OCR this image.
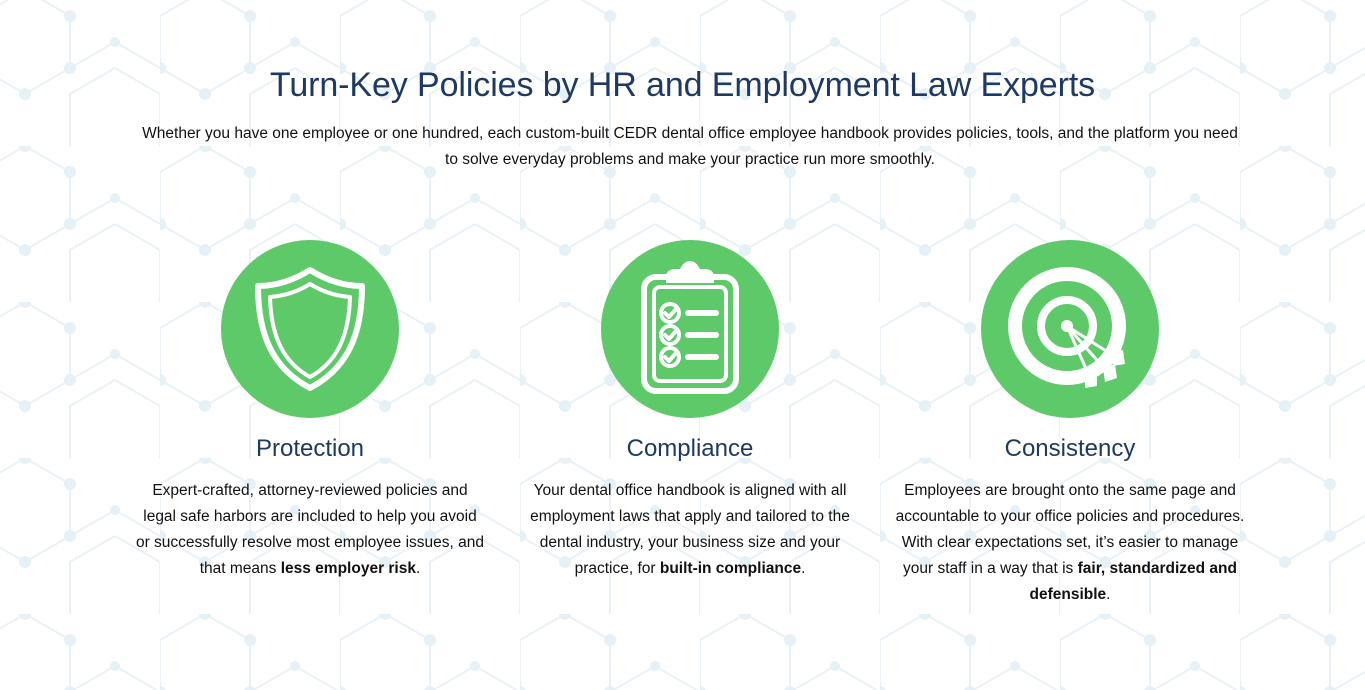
Turn-Key Policies by HR and Employment Law Experts

Whether you have one employee or one hundred, each custom-built CEDR dental office employee handbook provides policies, tools, and the platform you need to solve everyday problems and make your practice run more smoothly.

Protection

Expert-crafted, attorney-reviewed policies and legal safe harbors are included to help you avoid or successfully resolve most employee issues, and that means less employer risk.

Compliance

Your dental office handbook is aligned with all employment laws that apply and tailored to the dental industry, your business size and your practice, for built-in compliance.

Consistency

Employees are brought onto the same page and accountable to your office policies and procedures. With clear expectations set, it’s easier to manage your staff in a way that is fair, standardized and defensible.
